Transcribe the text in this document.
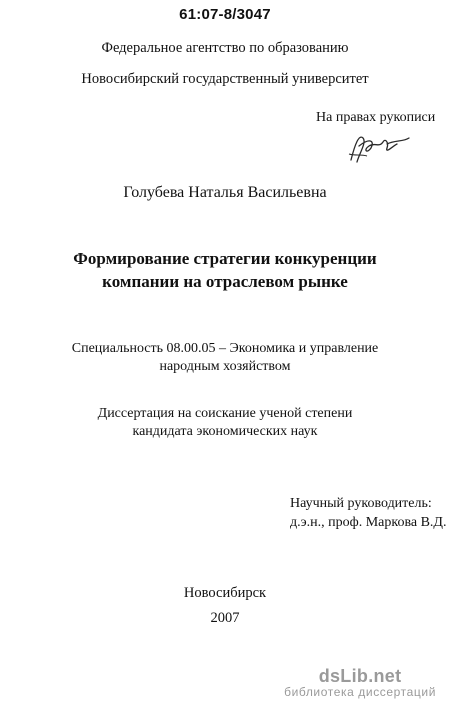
61:07-8/3047
Федеральное агентство по образованию
Новосибирский государственный университет
На правах рукописи
Голубева Наталья Васильевна
Формирование стратегии конкуренции
компании на отраслевом рынке
Специальность 08.00.05 – Экономика и управление
народным хозяйством
Диссертация на соискание ученой степени
кандидата экономических наук
Научный руководитель:
д.э.н., проф. Маркова В.Д.
Новосибирск
2007
dsLib.net
библиотека диссертаций
